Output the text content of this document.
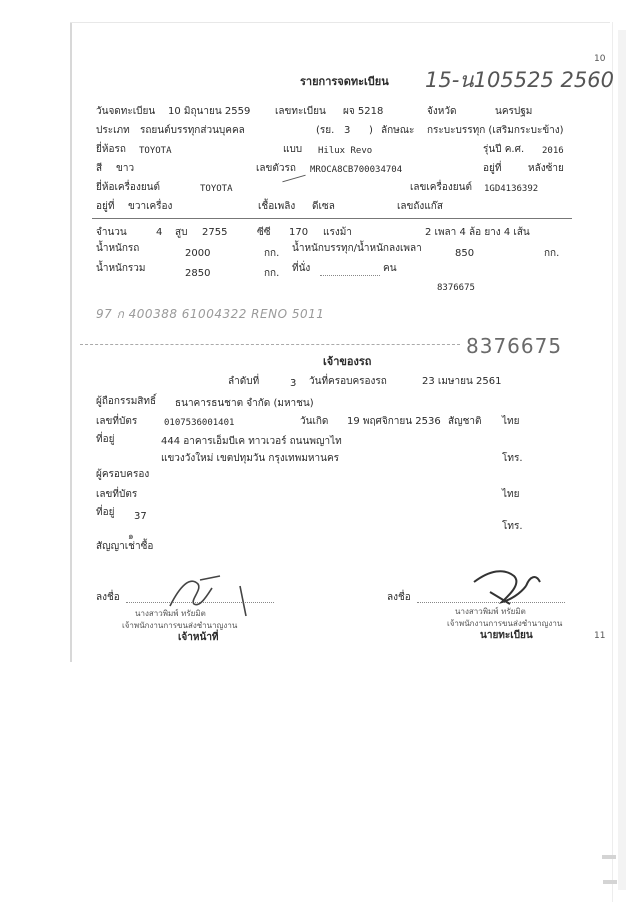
10
รายการจดทะเบียน 15-น105525 2560
วันจดทะเบียน 10 มิถุนายน 2559 เลขทะเบียน ผจ 5218	จังหวัด	นครปฐม
ประเภท รถยนต์บรรทุกส่วนบุคคล	(รย. 3 ) ลักษณะ กระบะบรรทุก (เสริมกระบะข้าง)
ยี่ห้อรถ TOYOTA	แบบ Hilux Revo	รุ่นปี ค.ศ. 2016
สี ขาว	เลขตัวรถ MROCA8CB700034704	อยู่ที่	หลังซ้าย
ยี่ห้อเครื่องยนต์	TOYOTA	เลขเครื่องยนต์ 1GD4136392
อยู่ที่ ขวาเครื่อง	เชื้อเพลิง ดีเซล	เลขถังแก๊ส
จำนวน	4 สูบ 2755	ซีซี 170 แรงม้า	2 เพลา 4 ล้อ ยาง 4 เส้น
น้ำหนักรถ	2000	กก. น้ำหนักบรรทุก/น้ำหนักลงเพลา	850	กก.
น้ำหนักรวม	2850	กก. ที่นั่ง	คน
8376675
97 ก 400388 61004322 RENO 5011
8376675
เจ้าของรถ
ลำดับที่	3 วันที่ครอบครองรถ	23 เมษายน 2561
ผู้ถือกรรมสิทธิ์ ธนาคารธนชาต จำกัด (มหาชน)
เลขที่บัตร	0107536001401	วันเกิด 19 พฤศจิกายน 2536 สัญชาติ ไทย
ที่อยู่	444 อาคารเอ็มบีเค ทาวเวอร์ ถนนพญาไท
แขวงวังใหม่ เขตปทุมวัน กรุงเทพมหานคร	โทร.
ผู้ครอบครอง
เลขที่บัตร	ไทย
ที่อยู่ 37
โทร.
สัญญาเช่าซื้อ
๑
ลงชื่อ
นางสาวพิมพ์ ทรัยมิต
เจ้าพนักงานการขนส่งชำนาญงาน
เจ้าหน้าที่
ลงชื่อ
นางสาวพิมพ์ ทรัยมิต
เจ้าพนักงานการขนส่งชำนาญงาน
นายทะเบียน	11
